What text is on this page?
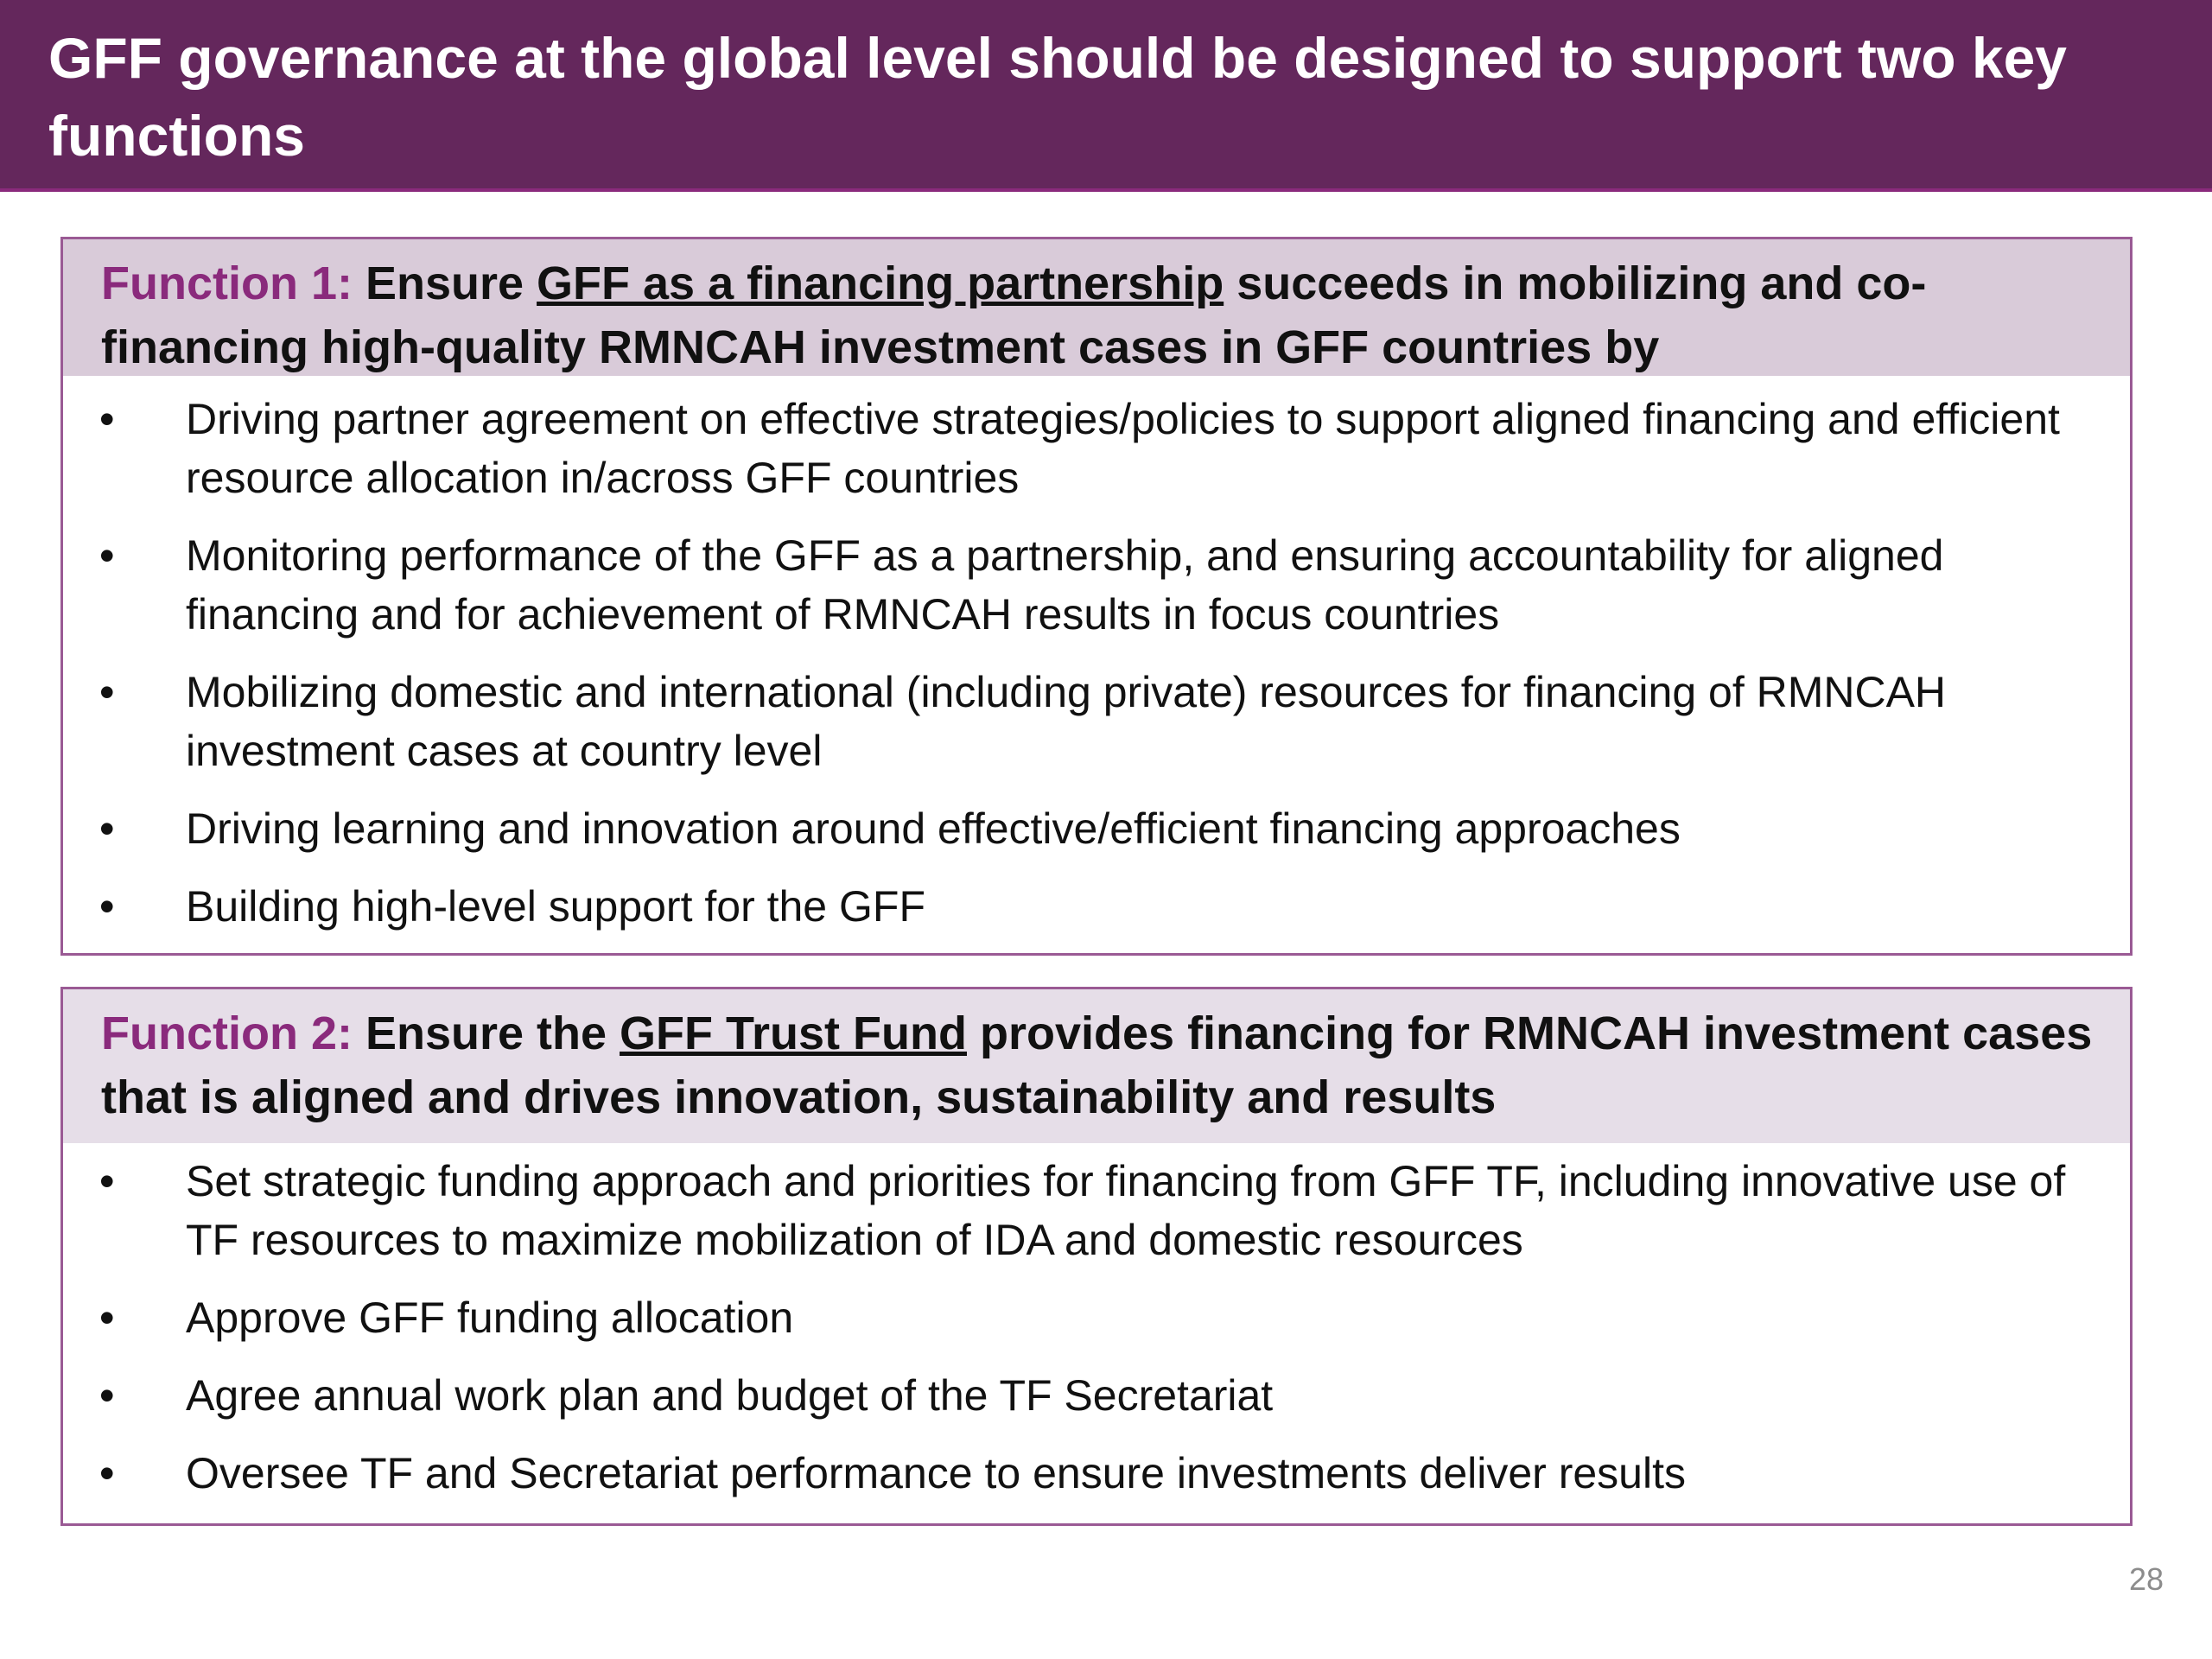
GFF governance at the global level should be designed to support two key functions
Function 1: Ensure GFF as a financing partnership succeeds in mobilizing and co-financing high-quality RMNCAH investment cases in GFF countries by
•	Driving partner agreement on effective strategies/policies to support aligned financing and efficient resource allocation in/across GFF countries
•	Monitoring performance of the GFF as a partnership, and ensuring accountability for aligned financing and for achievement of RMNCAH results in focus countries
•	Mobilizing domestic and international (including private) resources for financing of RMNCAH investment cases at country level
•	Driving learning and innovation around effective/efficient financing approaches
•	Building high-level support for the GFF
Function 2: Ensure the GFF Trust Fund provides financing for RMNCAH investment cases that is aligned and drives innovation, sustainability and results
•	Set strategic funding approach and priorities for financing from GFF TF, including innovative use of TF resources to maximize mobilization of IDA and domestic resources
•	Approve GFF funding allocation
•	Agree annual work plan and budget of the TF Secretariat
•	Oversee TF and Secretariat performance to ensure investments deliver results
28
